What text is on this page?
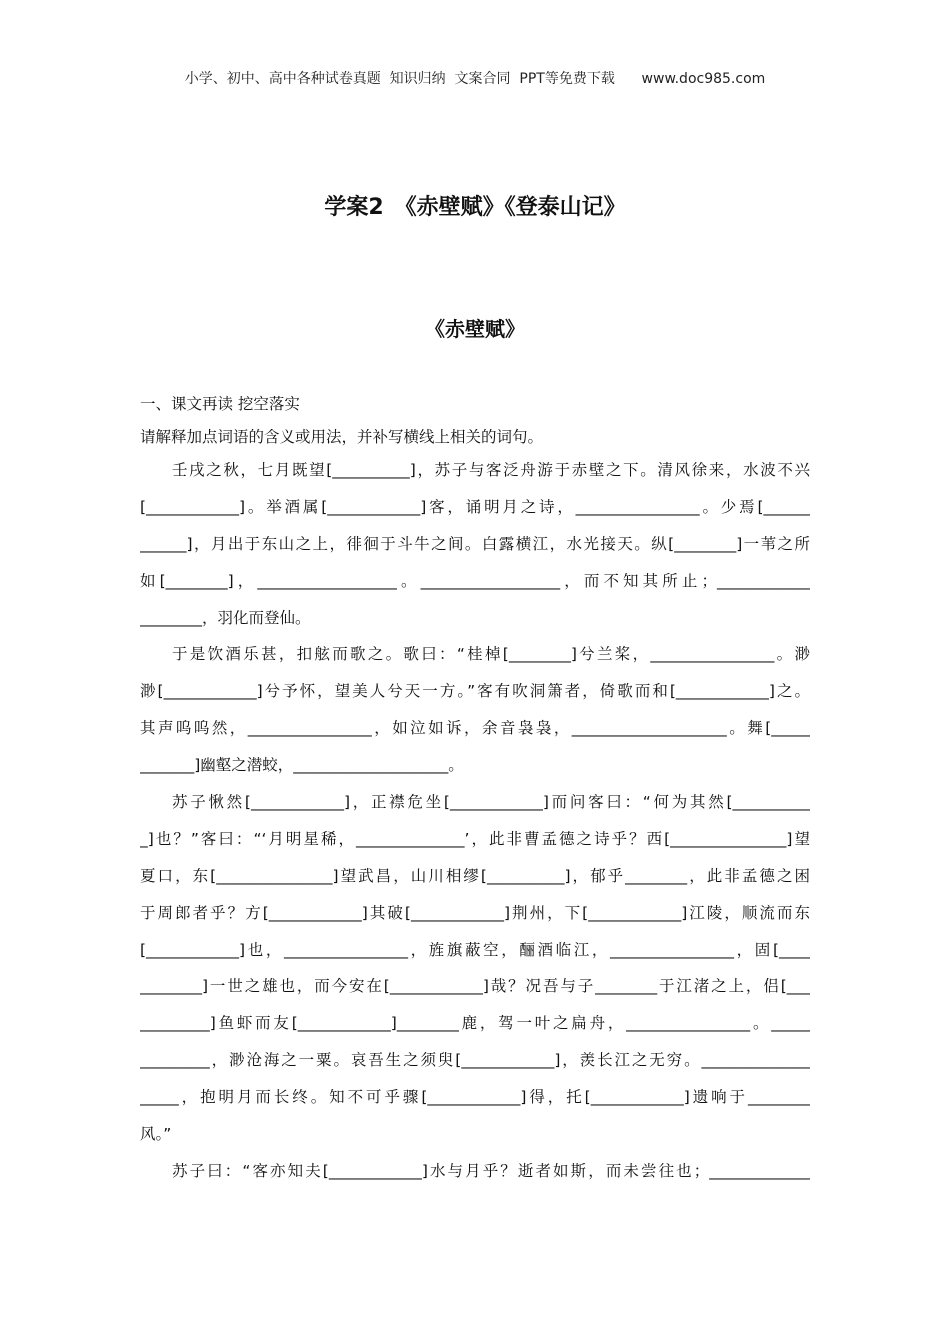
小学、初中、高中各种试卷真题  知识归纳  文案合同  PPT等免费下载      www.doc985.com
学案2　《赤壁赋》《登泰山记》
《赤壁赋》
一、课文再读 挖空落实
请解释加点词语的含义或用法，并补写横线上相关的词句。
壬戌之秋，七月既望[__________]，苏子与客泛舟游于赤壁之下。清风徐来，水波不兴
[____________]。举酒属[____________]客，诵明月之诗，________________。少焉[______
______]，月出于东山之上，徘徊于斗牛之间。白露横江，水光接天。纵[________]一苇之所
如[________]，__________________。__________________，而不知其所止；____________
________，羽化而登仙。
于是饮酒乐甚，扣舷而歌之。歌曰：“桂棹[________]兮兰桨，________________。渺
渺[____________]兮予怀，望美人兮天一方。”客有吹洞箫者，倚歌而和[____________]之。
其声呜呜然，________________，如泣如诉，余音袅袅，____________________。舞[_____
_______]幽壑之潜蛟，____________________。
苏子愀然[____________]，正襟危坐[____________]而问客曰：“何为其然[__________
_]也？”客曰：“‘月明星稀，______________’，此非曹孟德之诗乎？西[_______________]望
夏口，东[_______________]望武昌，山川相缪[__________]，郁乎________，此非孟德之困
于周郎者乎？方[____________]其破[____________]荆州，下[____________]江陵，顺流而东
[____________]也，________________，旌旗蔽空，酾酒临江，________________，固[____
________]一世之雄也，而今安在[____________]哉？况吾与子________于江渚之上，侣[___
_________]鱼虾而友[____________]________鹿，驾一叶之扁舟，________________。_____
_________，渺沧海之一粟。哀吾生之须臾[____________]，羡长江之无穷。______________
_____，抱明月而长终。知不可乎骤[____________]得，托[____________]遗响于________
风。”
苏子曰：“客亦知夫[____________]水与月乎？逝者如斯，而未尝往也；_____________
